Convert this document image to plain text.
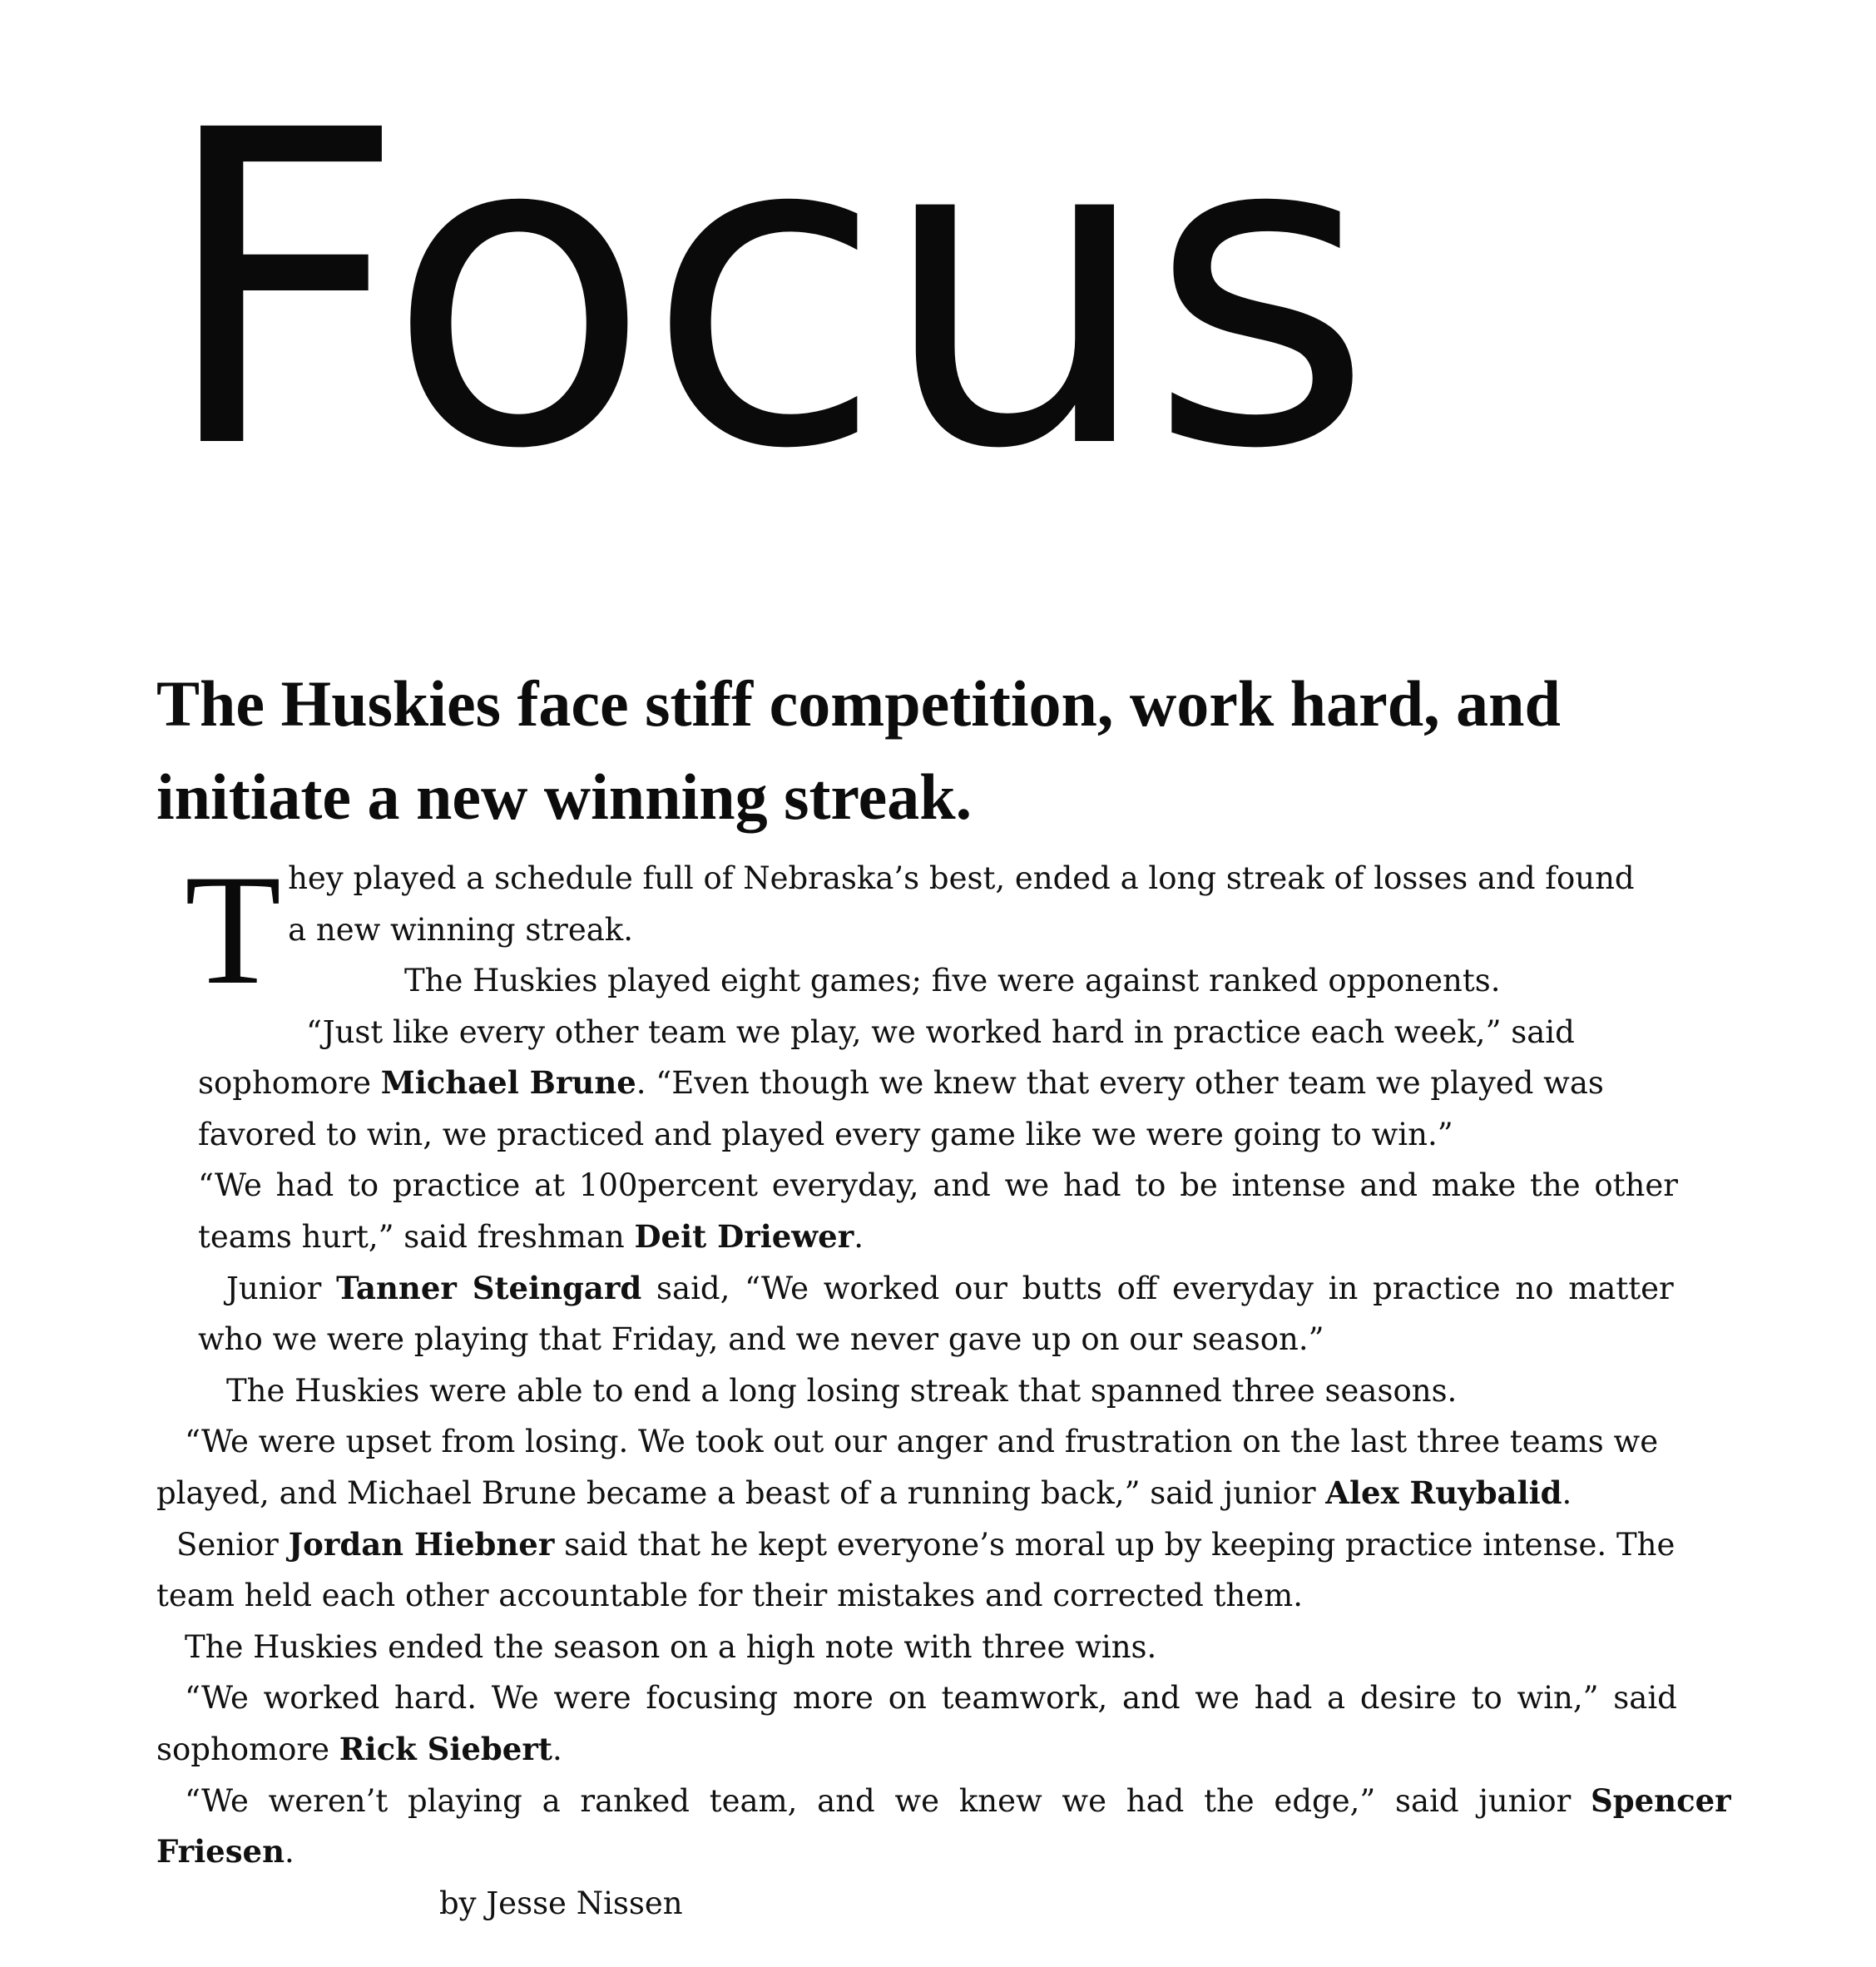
Focus
The Huskies face stiff competition, work hard, and initiate a new winning streak.
T hey played a schedule full of Nebraska’s best, ended a long streak of losses and found a new winning streak.

The Huskies played eight games; five were against ranked opponents.

“Just like every other team we play, we worked hard in practice each week,” said

sophomore Michael Brune. “Even though we knew that every other team we played was

favored to win, we practiced and played every game like we were going to win.”

“We had to practice at 100percent everyday, and we had to be intense and make the other

teams hurt,” said freshman Deit Driewer.

Junior Tanner Steingard said, “We worked our butts off everyday in practice no matter

who we were playing that Friday, and we never gave up on our season.”

The Huskies were able to end a long losing streak that spanned three seasons.

“We were upset from losing. We took out our anger and frustration on the last three teams we

played, and Michael Brune became a beast of a running back,” said junior Alex Ruybalid.

Senior Jordan Hiebner said that he kept everyone’s moral up by keeping practice intense. The

team held each other accountable for their mistakes and corrected them.

The Huskies ended the season on a high note with three wins.

“We worked hard. We were focusing more on teamwork, and we had a desire to win,” said

sophomore Rick Siebert.

“We weren’t playing a ranked team, and we knew we had the edge,” said junior Spencer

Friesen.

by Jesse Nissen
